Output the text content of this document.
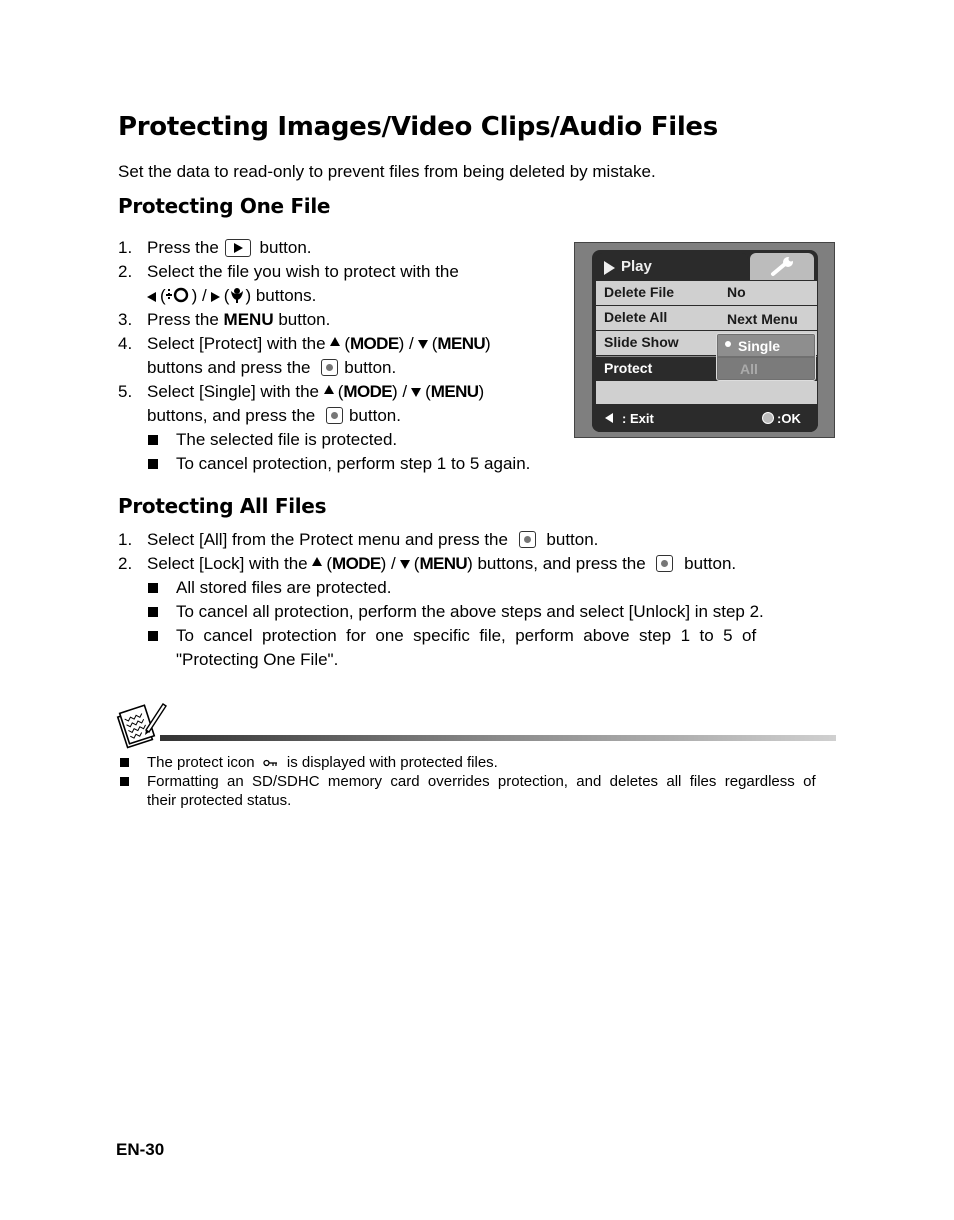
Protecting Images/Video Clips/Audio Files
Set the data to read-only to prevent files from being deleted by mistake.
Protecting One File
1. Press the button.
2. Select the file you wish to protect with the
( ) / ( ) buttons.
3. Press the MENU button.
4. Select [Protect] with the (MODE) / (MENU)
buttons and press the button.
5. Select [Single] with the (MODE) / (MENU)
buttons, and press the button.
The selected file is protected.
To cancel protection, perform step 1 to 5 again.
Play
Delete File	No
Delete All	Next Menu
Slide Show
Protect
Single
All
: Exit	:OK
Protecting All Files
1. Select [All] from the Protect menu and press the button.
2. Select [Lock] with the (MODE) / (MENU) buttons, and press the button.
All stored files are protected.
To cancel all protection, perform the above steps and select [Unlock] in step 2.
To  cancel  protection  for  one  specific  file,  perform  above  step  1  to  5  of
"Protecting One File".
The protect icon is displayed with protected files.
Formatting  an  SD/SDHC  memory  card  overrides  protection,  and  deletes  all  files  regardless  of
their protected status.
EN-30
